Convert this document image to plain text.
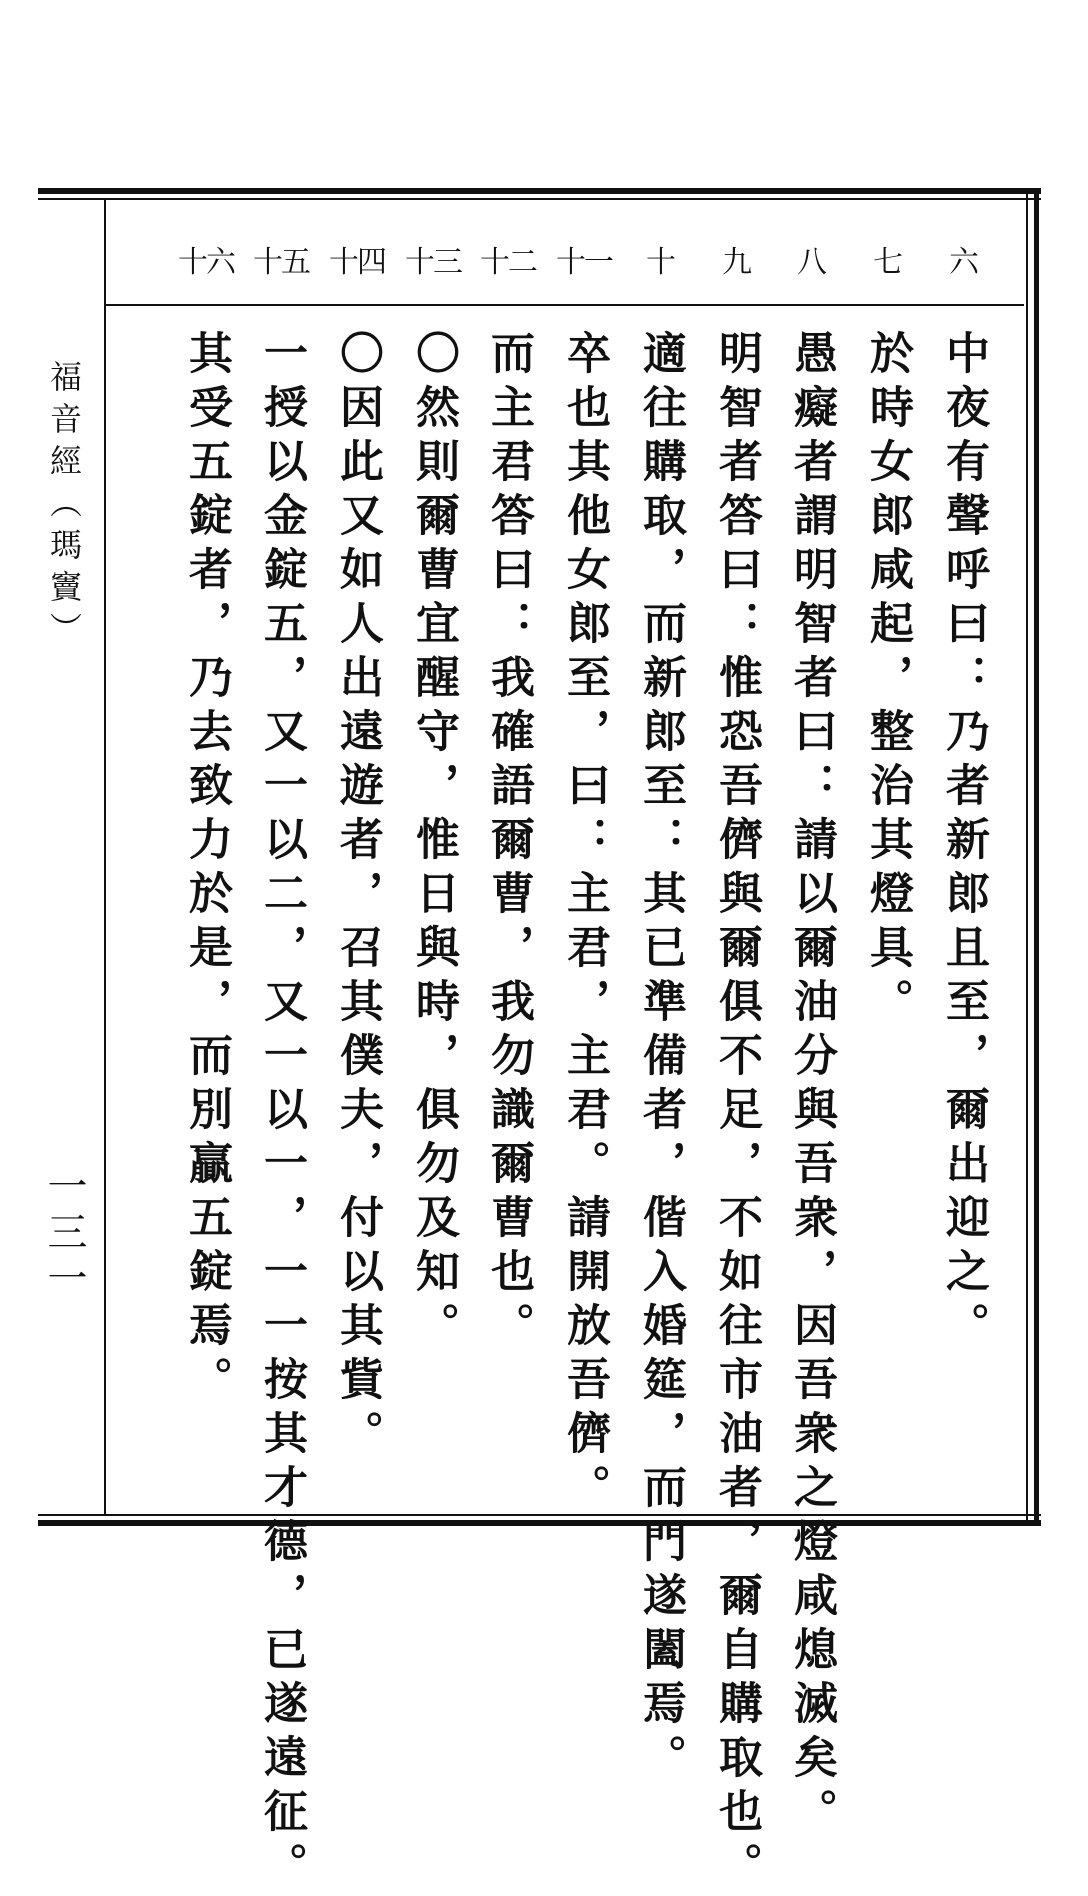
福音經（瑪竇）
一三一
六
中夜有聲呼曰：乃者新郎且至，爾出迎之。
七
於時女郎咸起，整治其燈具。
八
愚癡者謂明智者曰：請以爾油分與吾衆，因吾衆之燈咸熄滅矣。
九
明智者答曰：惟恐吾儕與爾俱不足，不如往市油者，爾自購取也。
十
適往購取，而新郎至：其已準備者，偕入婚筵，而門遂闔焉。
十一
卒也其他女郎至，曰：主君，主君。請開放吾儕。
十二
而主君答曰：我確語爾曹，我勿識爾曹也。
十三
〇然則爾曹宜醒守，惟日與時，俱勿及知。
十四
〇因此又如人出遠遊者，召其僕夫，付以其貲。
十五
一授以金錠五，又一以二，又一以一，一一按其才德，已遂遠征。
十六
其受五錠者，乃去致力於是，而別贏五錠焉。
